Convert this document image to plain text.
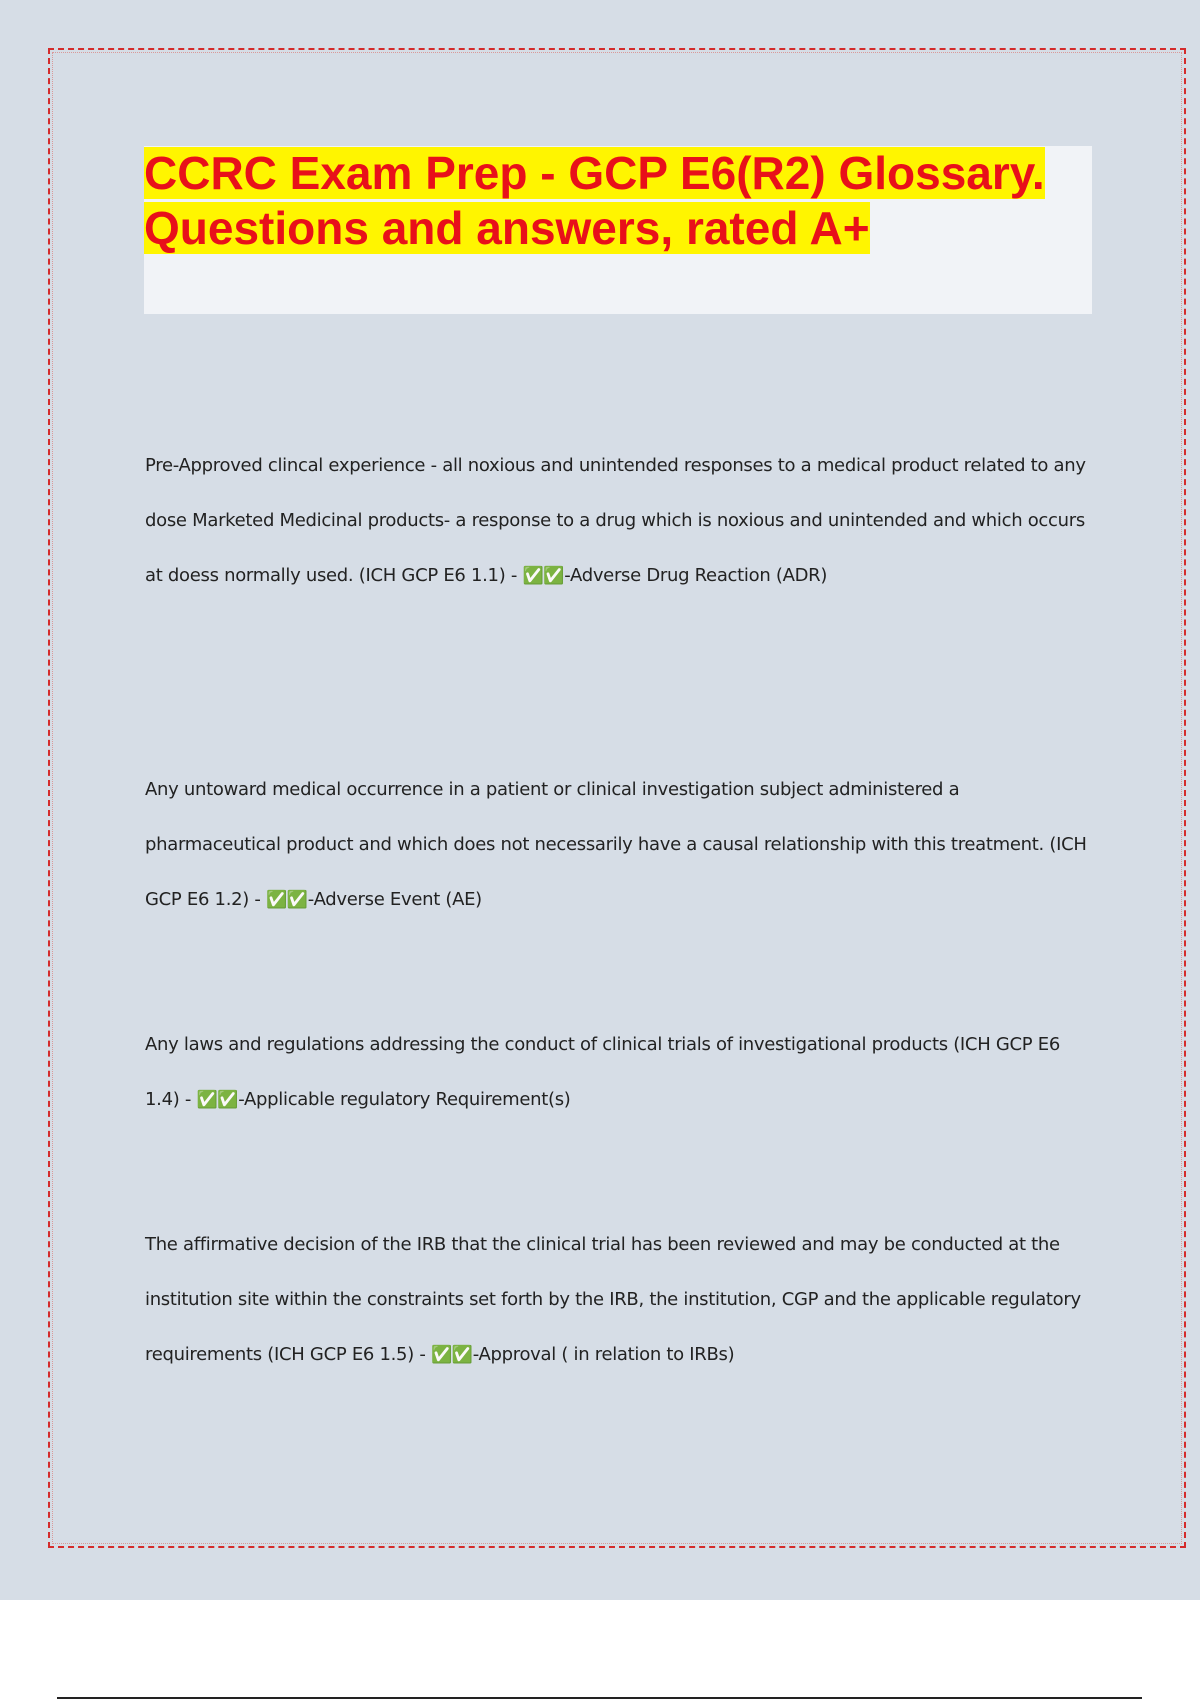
CCRC Exam Prep - GCP E6(R2) Glossary. Questions and answers, rated A+

Pre-Approved clincal experience - all noxious and unintended responses to a medical product related to any dose Marketed Medicinal products- a response to a drug which is noxious and unintended and which occurs at doess normally used. (ICH GCP E6 1.1) - ✅✅-Adverse Drug Reaction (ADR)

Any untoward medical occurrence in a patient or clinical investigation subject administered a pharmaceutical product and which does not necessarily have a causal relationship with this treatment. (ICH GCP E6 1.2) - ✅✅-Adverse Event (AE)

Any laws and regulations addressing the conduct of clinical trials of investigational products (ICH GCP E6 1.4) - ✅✅-Applicable regulatory Requirement(s)

The affirmative decision of the IRB that the clinical trial has been reviewed and may be conducted at the institution site within the constraints set forth by the IRB, the institution, CGP and the applicable regulatory requirements (ICH GCP E6 1.5) - ✅✅-Approval ( in relation to IRBs)
